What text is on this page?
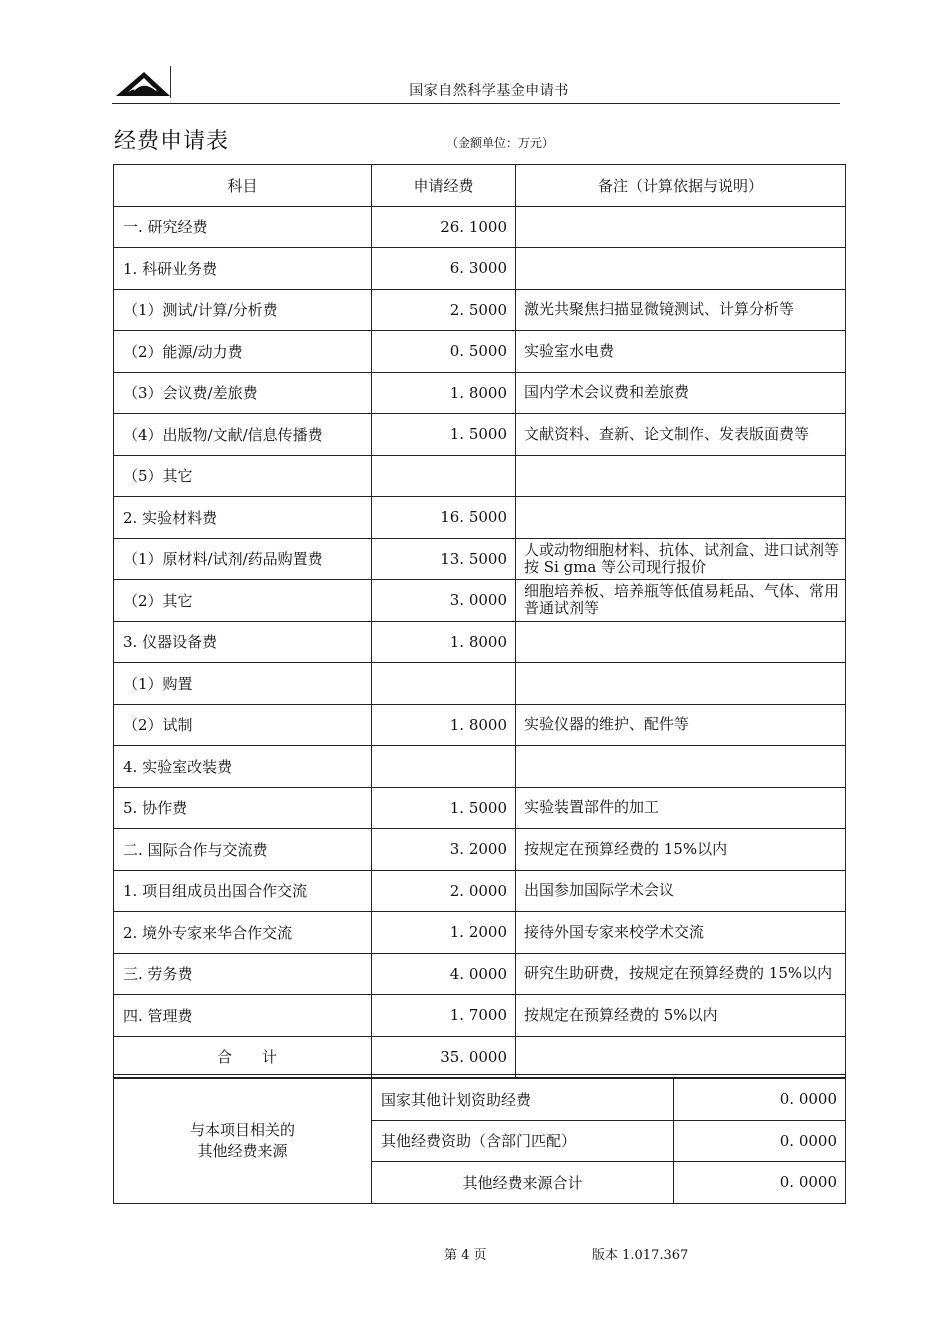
国家自然科学基金申请书
经费申请表	（金额单位：万元）
科目	申请经费	备注（计算依据与说明）
一. 研究经费	26. 1000	
1. 科研业务费	6. 3000	
（1）测试/计算/分析费	2. 5000	激光共聚焦扫描显微镜测试、计算分析等
（2）能源/动力费	0. 5000	实验室水电费
（3）会议费/差旅费	1. 8000	国内学术会议费和差旅费
（4）出版物/文献/信息传播费	1. 5000	文献资料、查新、论文制作、发表版面费等
（5）其它		
2. 实验材料费	16. 5000	
（1）原材料/试剂/药品购置费	13. 5000	人或动物细胞材料、抗体、试剂盒、进口试剂等按 Si gma 等公司现行报价
（2）其它	3. 0000	细胞培养板、培养瓶等低值易耗品、气体、常用普通试剂等
3. 仪器设备费	1. 8000	
（1）购置		
（2）试制	1. 8000	实验仪器的维护、配件等
4. 实验室改装费		
5. 协作费	1. 5000	实验装置部件的加工
二. 国际合作与交流费	3. 2000	按规定在预算经费的 15%以内
1. 项目组成员出国合作交流	2. 0000	出国参加国际学术会议
2. 境外专家来华合作交流	1. 2000	接待外国专家来校学术交流
三. 劳务费	4. 0000	研究生助研费，按规定在预算经费的 15%以内
四. 管理费	1. 7000	按规定在预算经费的 5%以内
合　　计	35. 0000	
与本项目相关的
其他经费来源	国家其他计划资助经费	0. 0000
	其他经费资助（含部门匹配）	0. 0000
	其他经费来源合计	0. 0000
第 4 页	版本 1.017.367
